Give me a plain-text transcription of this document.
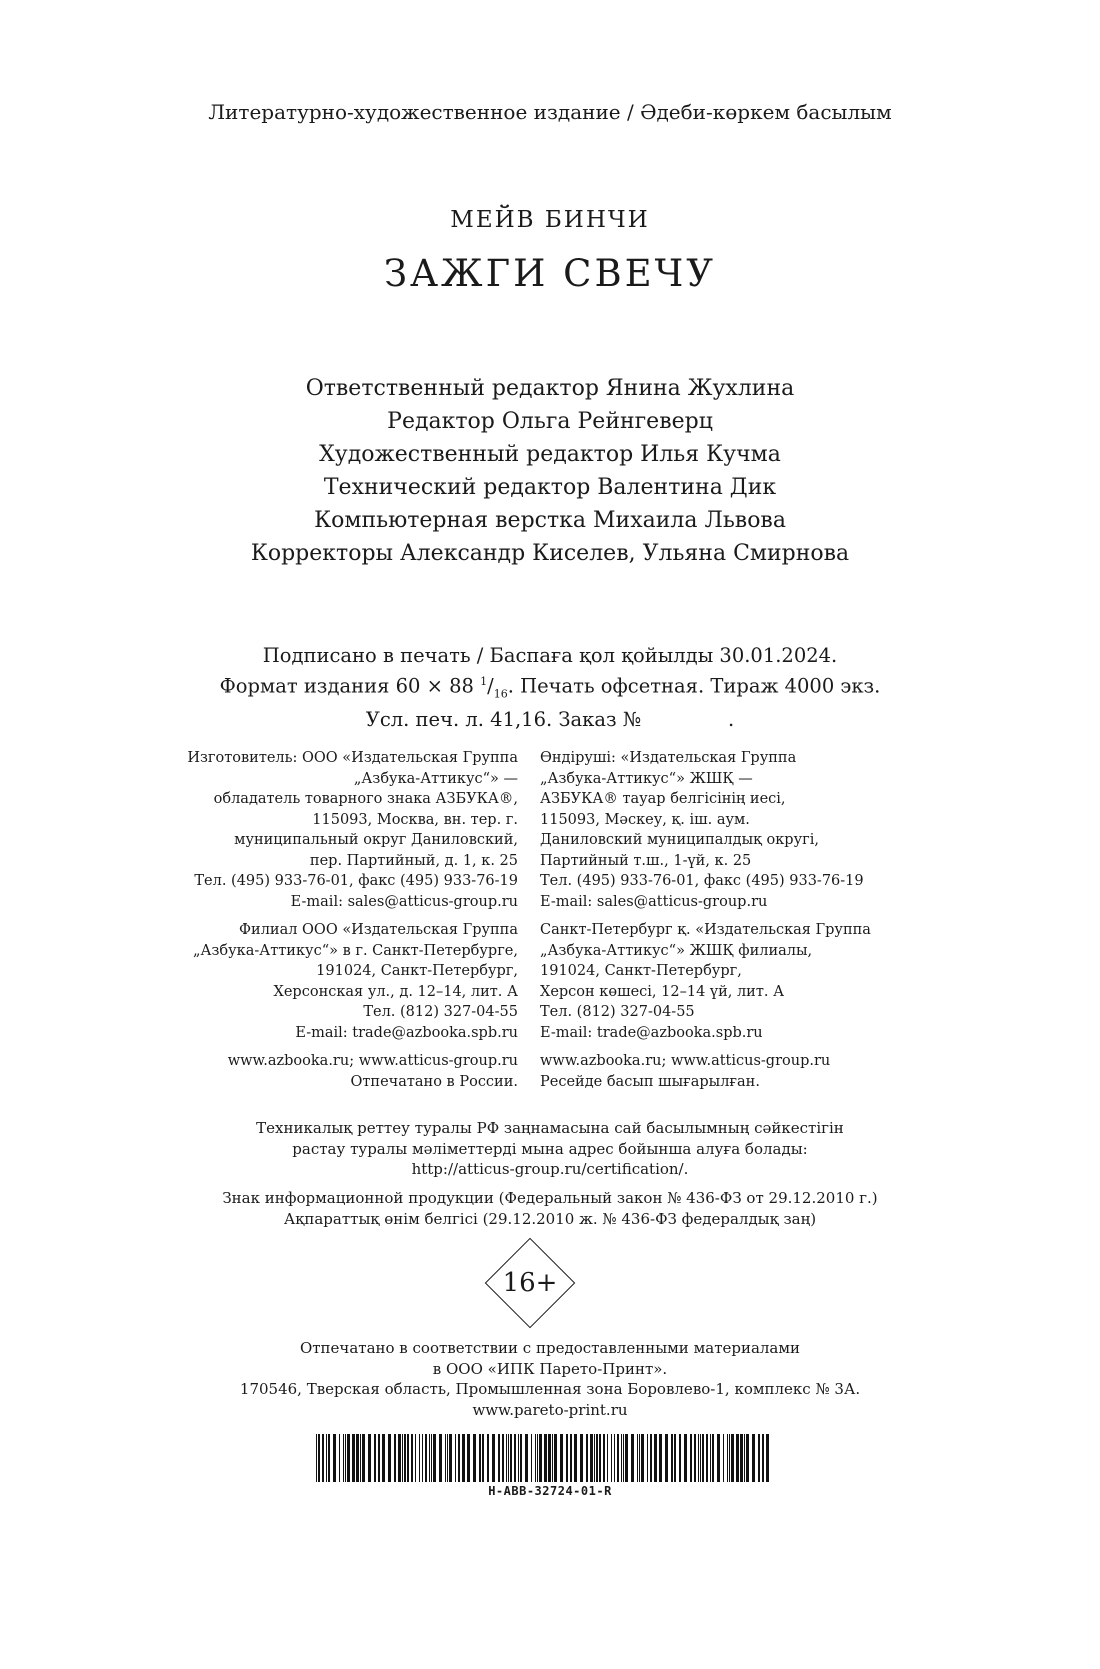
Литературно-художественное издание / Әдеби-көркем басылым
МЕЙВ БИНЧИ
ЗАЖГИ СВЕЧУ
Ответственный редактор Янина Жухлина
Редактор Ольга Рейнгеверц
Художественный редактор Илья Кучма
Технический редактор Валентина Дик
Компьютерная верстка Михаила Львова
Корректоры Александр Киселев, Ульяна Смирнова
Подписано в печать / Баспаға қол қойылды 30.01.2024.
Формат издания 60 × 88 $^1/_{16}$. Печать офсетная. Тираж 4000 экз.
Усл. печ. л. 41,16. Заказ №              .
Изготовитель: ООО «Издательская Группа
„Азбука-Аттикус“» —
обладатель товарного знака АЗБУКА®,
115093, Москва, вн. тер. г.
муниципальный округ Даниловский,
пер. Партийный, д. 1, к. 25
Тел. (495) 933-76-01, факс (495) 933-76-19
E-mail: sales@atticus-group.ru
Филиал ООО «Издательская Группа
„Азбука-Аттикус“» в г. Санкт-Петербурге,
191024, Санкт-Петербург,
Херсонская ул., д. 12–14, лит. А
Тел. (812) 327-04-55
E-mail: trade@azbooka.spb.ru
www.azbooka.ru; www.atticus-group.ru
Отпечатано в России.
Өндіруші: «Издательская Группа
„Азбука-Аттикус“» ЖШҚ —
АЗБУКА® тауар белгісінің иесі,
115093, Мәскеу, қ. іш. аум.
Даниловский муниципалдық округі,
Партийный т.ш., 1-үй, к. 25
Тел. (495) 933-76-01, факс (495) 933-76-19
E-mail: sales@atticus-group.ru
Санкт-Петербург қ. «Издательская Группа
„Азбука-Аттикус“» ЖШҚ филиалы,
191024, Санкт-Петербург,
Херсон көшесі, 12–14 үй, лит. А
Тел. (812) 327-04-55
E-mail: trade@azbooka.spb.ru
www.azbooka.ru; www.atticus-group.ru
Ресейде басып шығарылған.
Техникалық реттеу туралы РФ заңнамасына сай басылымның сәйкестігін
растау туралы мәліметтерді мына адрес бойынша алуға болады:
http://atticus-group.ru/certification/.
Знак информационной продукции (Федеральный закон № 436-ФЗ от 29.12.2010 г.)
Ақпараттық өнім белгісі (29.12.2010 ж. № 436-ФЗ федералдық заң)
16+
Отпечатано в соответствии с предоставленными материалами
в ООО «ИПК Парето-Принт».
170546, Тверская область, Промышленная зона Боровлево-1, комплекс № 3А.
www.pareto-print.ru
H-ABB-32724-01-R
